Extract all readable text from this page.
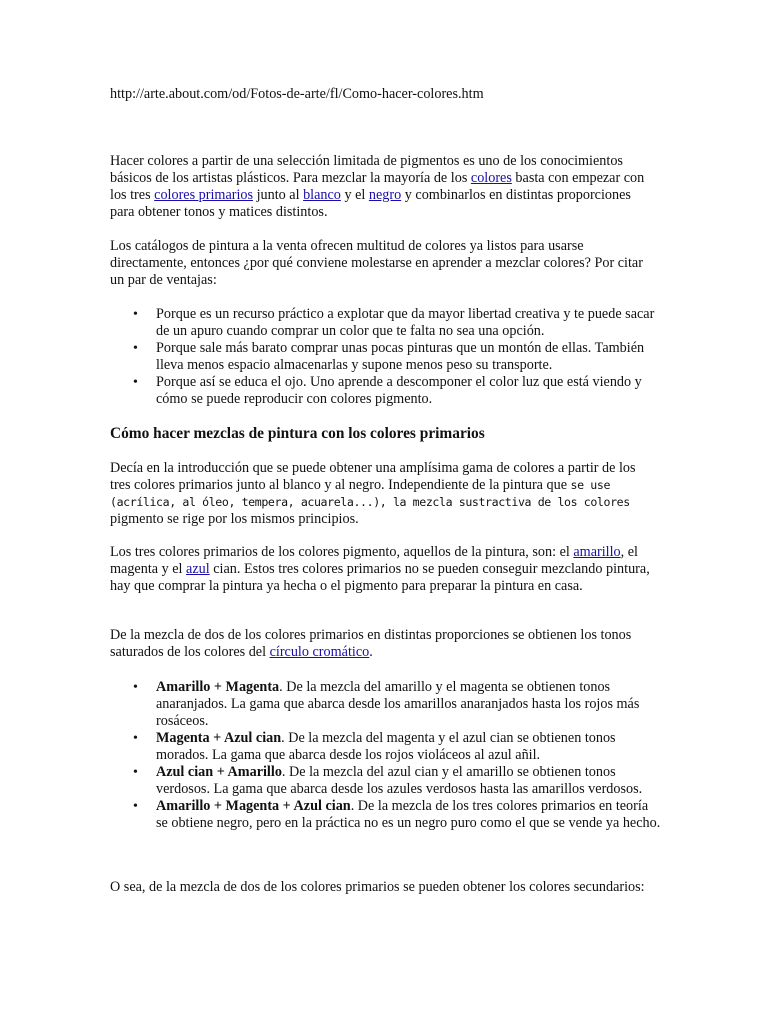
http://arte.about.com/od/Fotos-de-arte/fl/Como-hacer-colores.htm

Hacer colores a partir de una selección limitada de pigmentos es uno de los conocimientos básicos de los artistas plásticos. Para mezclar la mayoría de los colores basta con empezar con los tres colores primarios junto al blanco y el negro y combinarlos en distintas proporciones para obtener tonos y matices distintos.

Los catálogos de pintura a la venta ofrecen multitud de colores ya listos para usarse directamente, entonces ¿por qué conviene molestarse en aprender a mezclar colores? Por citar un par de ventajas:

• Porque es un recurso práctico a explotar que da mayor libertad creativa y te puede sacar de un apuro cuando comprar un color que te falta no sea una opción.
• Porque sale más barato comprar unas pocas pinturas que un montón de ellas. También lleva menos espacio almacenarlas y supone menos peso su transporte.
• Porque así se educa el ojo. Uno aprende a descomponer el color luz que está viendo y cómo se puede reproducir con colores pigmento.
Cómo hacer mezclas de pintura con los colores primarios

Decía en la introducción que se puede obtener una amplísima gama de colores a partir de los tres colores primarios junto al blanco y al negro. Independiente de la pintura que se use (acrílica, al óleo, tempera, acuarela...), la mezcla sustractiva de los colores pigmento se rige por los mismos principios.

Los tres colores primarios de los colores pigmento, aquellos de la pintura, son: el amarillo, el magenta y el azul cian. Estos tres colores primarios no se pueden conseguir mezclando pintura, hay que comprar la pintura ya hecha o el pigmento para preparar la pintura en casa.

De la mezcla de dos de los colores primarios en distintas proporciones se obtienen los tonos saturados de los colores del círculo cromático.

• Amarillo + Magenta. De la mezcla del amarillo y el magenta se obtienen tonos anaranjados. La gama que abarca desde los amarillos anaranjados hasta los rojos más rosáceos.
• Magenta + Azul cian. De la mezcla del magenta y el azul cian se obtienen tonos morados. La gama que abarca desde los rojos violáceos al azul añil.
• Azul cian + Amarillo. De la mezcla del azul cian y el amarillo se obtienen tonos verdosos. La gama que abarca desde los azules verdosos hasta las amarillos verdosos.
• Amarillo + Magenta + Azul cian. De la mezcla de los tres colores primarios en teoría se obtiene negro, pero en la práctica no es un negro puro como el que se vende ya hecho.

O sea, de la mezcla de dos de los colores primarios se pueden obtener los colores secundarios:
